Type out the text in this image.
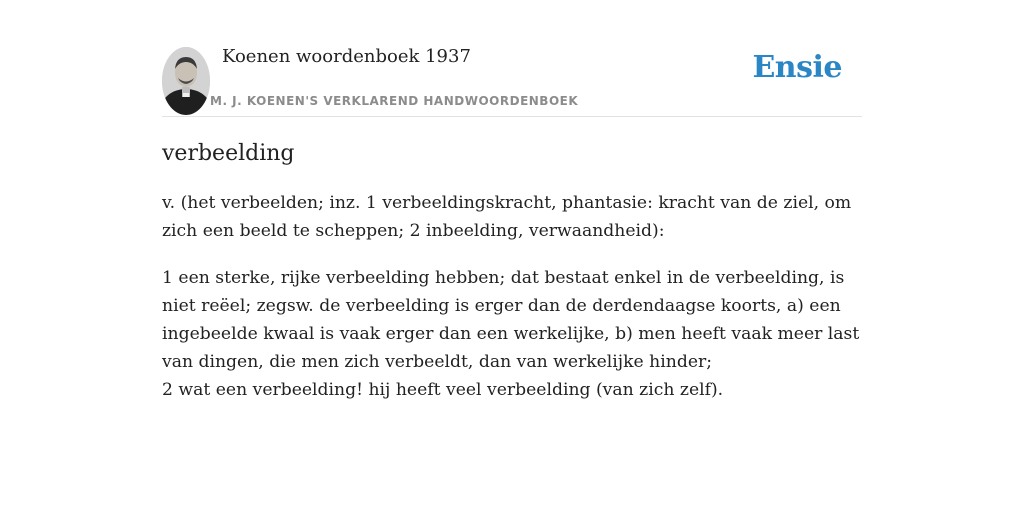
Koenen woordenboek 1937
M. J. KOENEN'S VERKLAREND HANDWOORDENBOEK
Ensie
verbeelding

v. (het verbeelden; inz. 1 verbeeldingskracht, phantasie: kracht van de ziel, om zich een beeld te scheppen; 2 inbeelding, verwaandheid):

1 een sterke, rijke verbeelding hebben; dat bestaat enkel in de verbeelding, is niet reëel; zegsw. de verbeelding is erger dan de derdendaagse koorts, a) een ingebeelde kwaal is vaak erger dan een werkelijke, b) men heeft vaak meer last van dingen, die men zich verbeeldt, dan van werkelijke hinder;
2 wat een verbeelding! hij heeft veel verbeelding (van zich zelf).
